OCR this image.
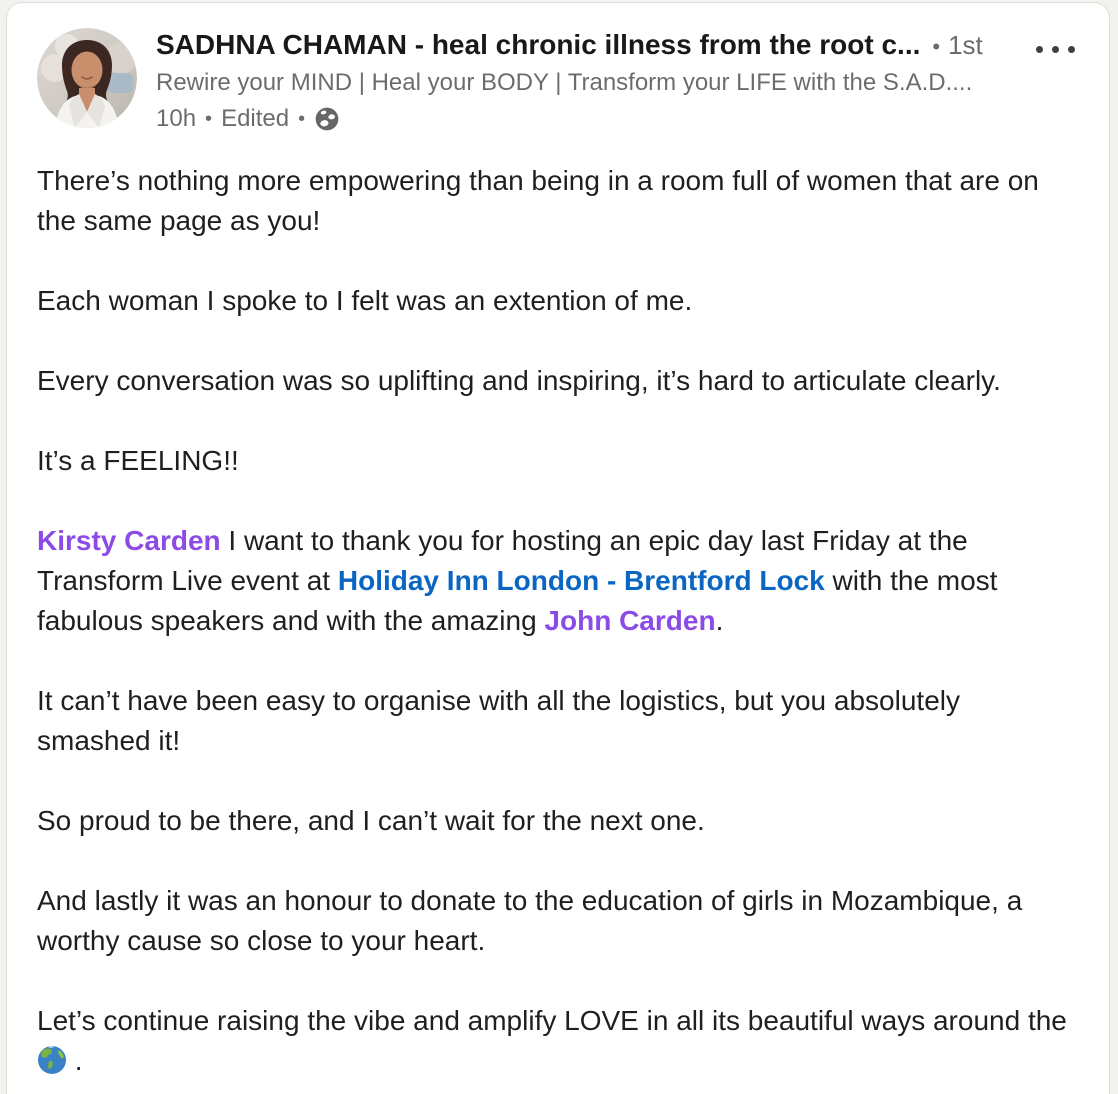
SADHNA CHAMAN - heal chronic illness from the root c... • 1st
Rewire your MIND | Heal your BODY | Transform your LIFE with the S.A.D....
10h • Edited •

There’s nothing more empowering than being in a room full of women that are on the same page as you!

Each woman I spoke to I felt was an extention of me.

Every conversation was so uplifting and inspiring, it’s hard to articulate clearly.

It’s a FEELING!!

Kirsty Carden I want to thank you for hosting an epic day last Friday at the Transform Live event at Holiday Inn London - Brentford Lock with the most fabulous speakers and with the amazing John Carden.

It can’t have been easy to organise with all the logistics, but you absolutely smashed it!

So proud to be there, and I can’t wait for the next one.

And lastly it was an honour to donate to the education of girls in Mozambique, a worthy cause so close to your heart.

Let’s continue raising the vibe and amplify LOVE in all its beautiful ways around the  .
